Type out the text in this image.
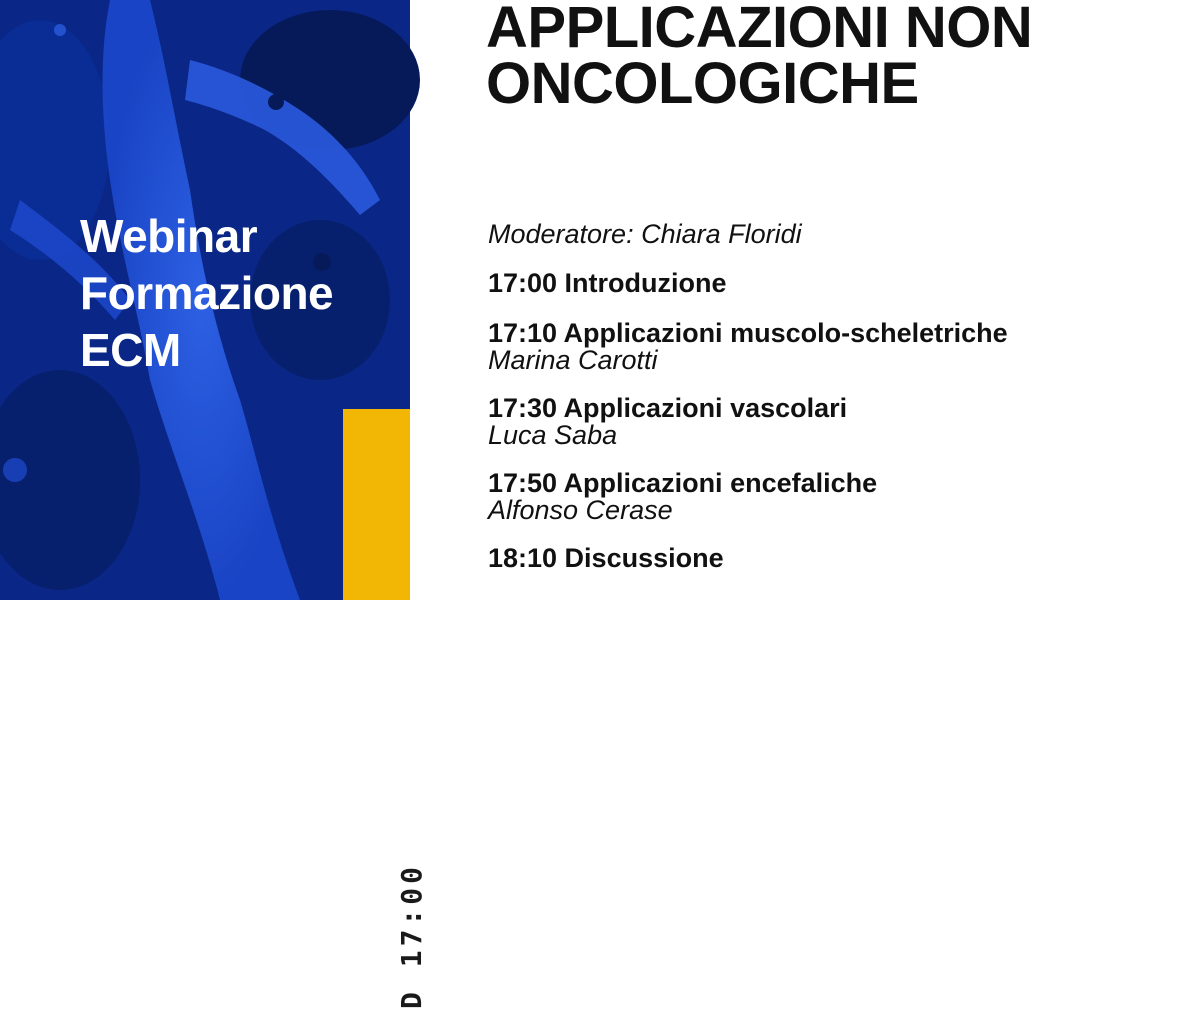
Webinar
Formazione
ECM
D 17:00
APPLICAZIONI NON
ONCOLOGICHE
Moderatore: Chiara Floridi
17:00 Introduzione
17:10 Applicazioni muscolo-scheletriche
Marina Carotti
17:30 Applicazioni vascolari
Luca Saba
17:50 Applicazioni encefaliche
Alfonso Cerase
18:10 Discussione
